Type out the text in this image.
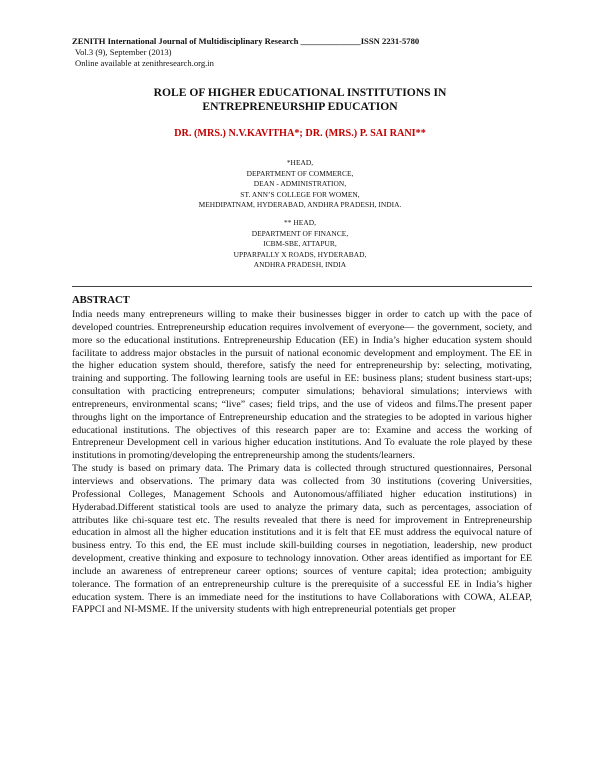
ZENITH International Journal of Multidisciplinary Research ______________ISSN 2231-5780
Vol.3 (9), September (2013)
Online available at zenithresearch.org.in
ROLE OF HIGHER EDUCATIONAL INSTITUTIONS IN
ENTREPRENEURSHIP EDUCATION
DR. (MRS.) N.V.KAVITHA*; DR. (MRS.) P. SAI RANI**
*HEAD,
DEPARTMENT OF COMMERCE,
DEAN - ADMINISTRATION,
ST. ANN’S COLLEGE FOR WOMEN,
MEHDIPATNAM, HYDERABAD, ANDHRA PRADESH, INDIA.
** HEAD,
DEPARTMENT OF FINANCE,
ICBM-SBE, ATTAPUR,
UPPARPALLY X ROADS, HYDERABAD,
ANDHRA PRADESH, INDIA
ABSTRACT

India needs many entrepreneurs willing to make their businesses bigger in order to catch up with the pace of developed countries. Entrepreneurship education requires involvement of everyone— the government, society, and more so the educational institutions. Entrepreneurship Education (EE) in India’s higher education system should facilitate to address major obstacles in the pursuit of national economic development and employment. The EE in the higher education system should, therefore, satisfy the need for entrepreneurship by: selecting, motivating, training and supporting. The following learning tools are useful in EE: business plans; student business start-ups; consultation with practicing entrepreneurs; computer simulations; behavioral simulations; interviews with entrepreneurs, environmental scans; “live” cases; field trips, and the use of videos and films.The present paper throughs light on the importance of Entrepreneurship education and the strategies to be adopted in various higher educational institutions. The objectives of this research paper are to: Examine and access the working of Entrepreneur Development cell in various higher education institutions. And To evaluate the role played by these institutions in promoting/developing the entrepreneurship among the students/learners.

The study is based on primary data. The Primary data is collected through structured questionnaires, Personal interviews and observations. The primary data was collected from 30 institutions (covering Universities, Professional Colleges, Management Schools and Autonomous/affiliated higher education institutions) in Hyderabad.Different statistical tools are used to analyze the primary data, such as percentages, association of attributes like chi-square test etc. The results revealed that there is need for improvement in Entrepreneurship education in almost all the higher education institutions and it is felt that EE must address the equivocal nature of business entry. To this end, the EE must include skill-building courses in negotiation, leadership, new product development, creative thinking and exposure to technology innovation. Other areas identified as important for EE include an awareness of entrepreneur career options; sources of venture capital; idea protection; ambiguity tolerance. The formation of an entrepreneurship culture is the prerequisite of a successful EE in India’s higher education system. There is an immediate need for the institutions to have Collaborations with COWA, ALEAP, FAPPCI and NI-MSME. If the university students with high entrepreneurial potentials get proper
